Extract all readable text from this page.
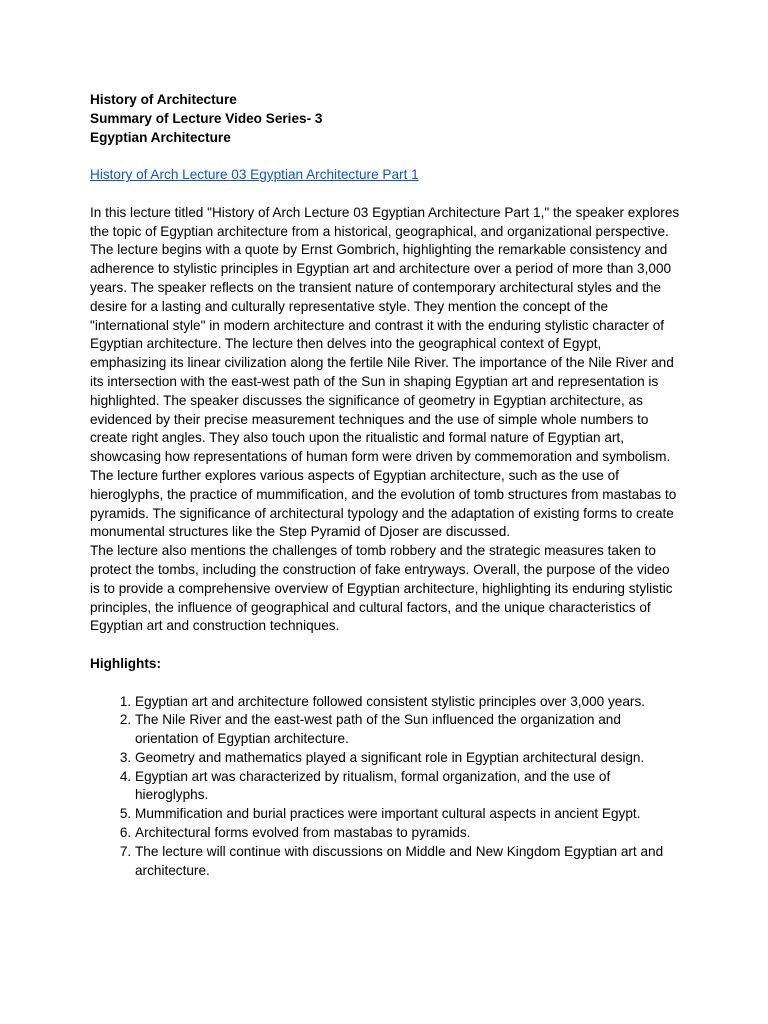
History of Architecture

Summary of Lecture Video Series- 3

Egyptian Architecture

History of Arch Lecture 03 Egyptian Architecture Part 1

In this lecture titled "History of Arch Lecture 03 Egyptian Architecture Part 1," the speaker explores the topic of Egyptian architecture from a historical, geographical, and organizational perspective. The lecture begins with a quote by Ernst Gombrich, highlighting the remarkable consistency and adherence to stylistic principles in Egyptian art and architecture over a period of more than 3,000 years. The speaker reflects on the transient nature of contemporary architectural styles and the desire for a lasting and culturally representative style. They mention the concept of the "international style" in modern architecture and contrast it with the enduring stylistic character of Egyptian architecture. The lecture then delves into the geographical context of Egypt, emphasizing its linear civilization along the fertile Nile River. The importance of the Nile River and its intersection with the east-west path of the Sun in shaping Egyptian art and representation is highlighted. The speaker discusses the significance of geometry in Egyptian architecture, as evidenced by their precise measurement techniques and the use of simple whole numbers to create right angles. They also touch upon the ritualistic and formal nature of Egyptian art, showcasing how representations of human form were driven by commemoration and symbolism. The lecture further explores various aspects of Egyptian architecture, such as the use of hieroglyphs, the practice of mummification, and the evolution of tomb structures from mastabas to pyramids. The significance of architectural typology and the adaptation of existing forms to create monumental structures like the Step Pyramid of Djoser are discussed.

The lecture also mentions the challenges of tomb robbery and the strategic measures taken to protect the tombs, including the construction of fake entryways. Overall, the purpose of the video is to provide a comprehensive overview of Egyptian architecture, highlighting its enduring stylistic principles, the influence of geographical and cultural factors, and the unique characteristics of Egyptian art and construction techniques.

Highlights:

1. Egyptian art and architecture followed consistent stylistic principles over 3,000 years.
2. The Nile River and the east-west path of the Sun influenced the organization and orientation of Egyptian architecture.
3. Geometry and mathematics played a significant role in Egyptian architectural design.
4. Egyptian art was characterized by ritualism, formal organization, and the use of hieroglyphs.
5. Mummification and burial practices were important cultural aspects in ancient Egypt.
6. Architectural forms evolved from mastabas to pyramids.
7. The lecture will continue with discussions on Middle and New Kingdom Egyptian art and architecture.
